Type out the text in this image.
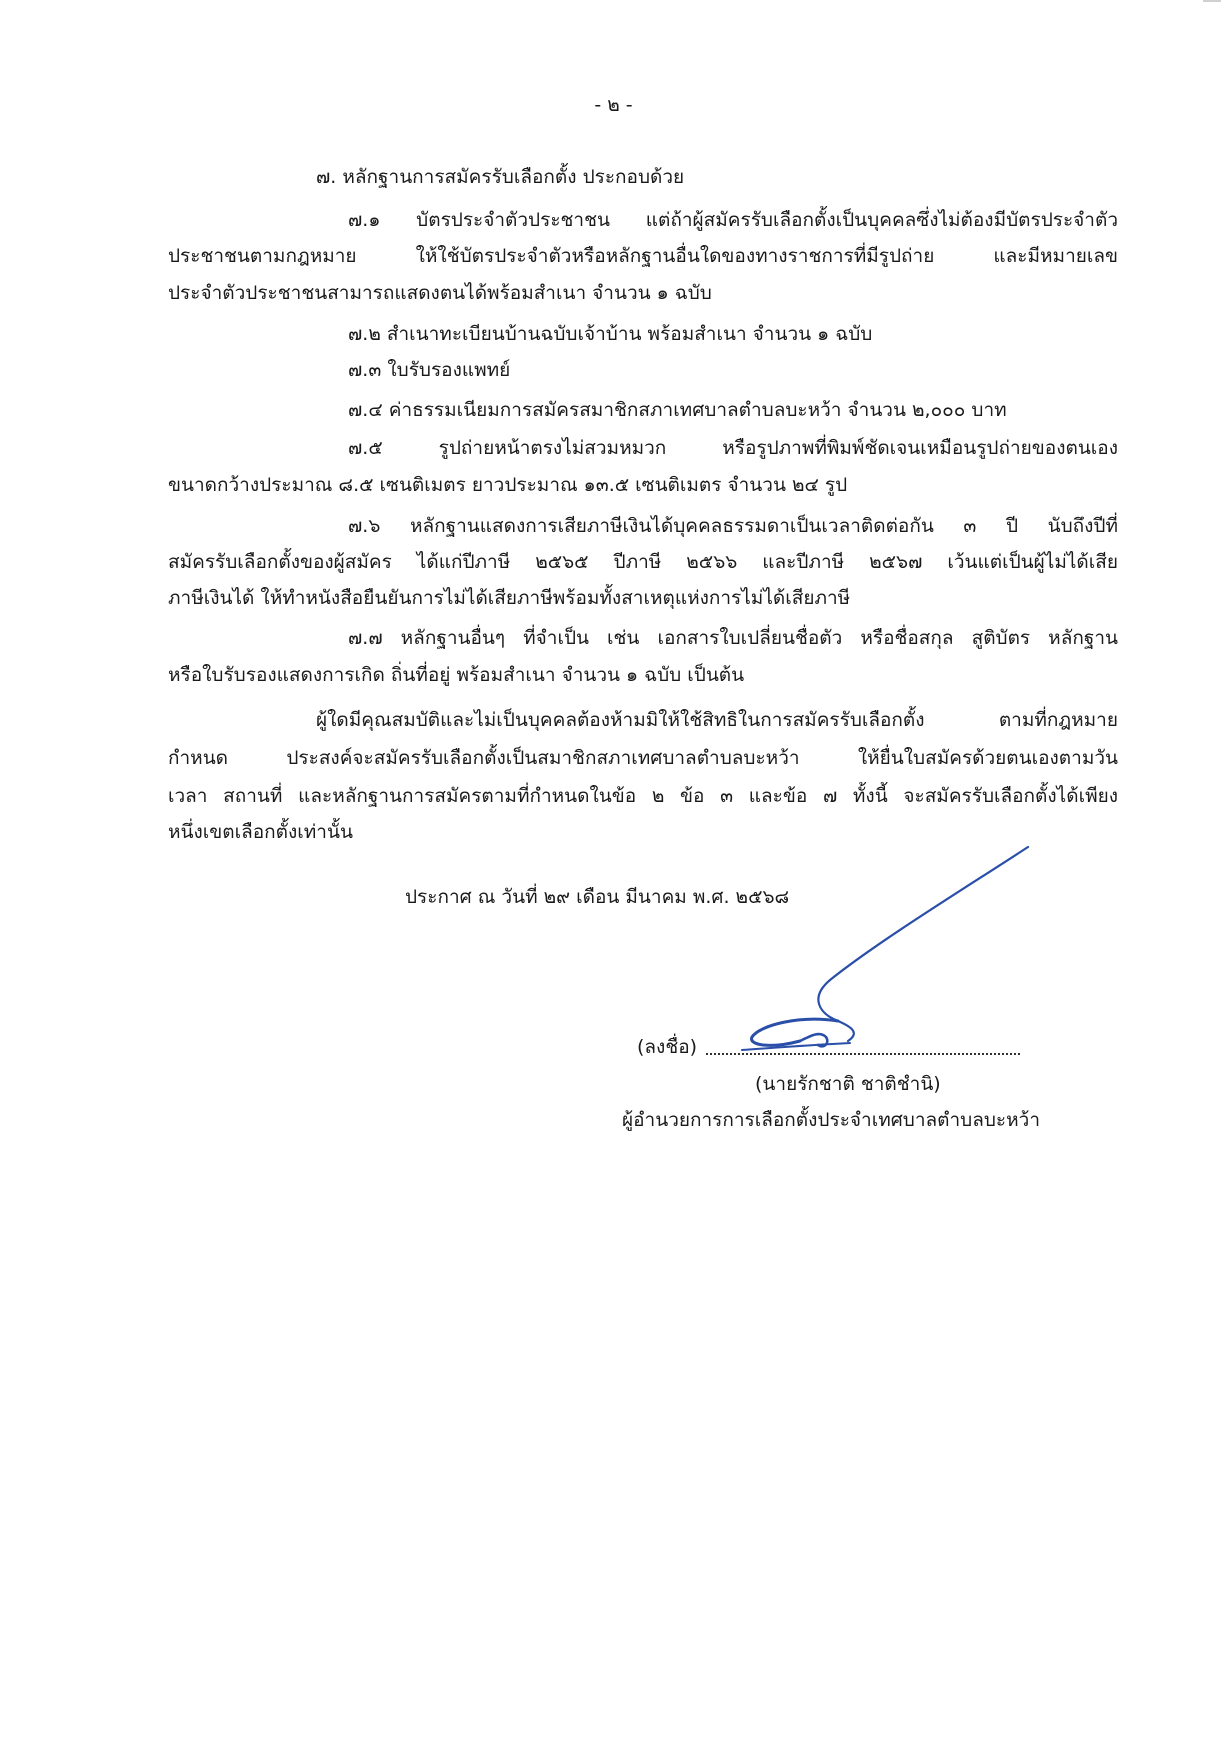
- ๒ -
๗. หลักฐานการสมัครรับเลือกตั้ง ประกอบด้วย
๗.๑ บัตรประจำตัวประชาชน แต่ถ้าผู้สมัครรับเลือกตั้งเป็นบุคคลซึ่งไม่ต้องมีบัตรประจำตัว
ประชาชนตามกฎหมาย ให้ใช้บัตรประจำตัวหรือหลักฐานอื่นใดของทางราชการที่มีรูปถ่าย และมีหมายเลข
ประจำตัวประชาชนสามารถแสดงตนได้พร้อมสำเนา จำนวน ๑ ฉบับ
๗.๒ สำเนาทะเบียนบ้านฉบับเจ้าบ้าน พร้อมสำเนา จำนวน ๑ ฉบับ
๗.๓ ใบรับรองแพทย์
๗.๔ ค่าธรรมเนียมการสมัครสมาชิกสภาเทศบาลตำบลบะหว้า จำนวน ๒,๐๐๐ บาท
๗.๕ รูปถ่ายหน้าตรงไม่สวมหมวก หรือรูปภาพที่พิมพ์ชัดเจนเหมือนรูปถ่ายของตนเอง
ขนาดกว้างประมาณ ๘.๕ เซนติเมตร ยาวประมาณ ๑๓.๕ เซนติเมตร จำนวน ๒๔ รูป
๗.๖ หลักฐานแสดงการเสียภาษีเงินได้บุคคลธรรมดาเป็นเวลาติดต่อกัน ๓ ปี นับถึงปีที่
สมัครรับเลือกตั้งของผู้สมัคร ได้แก่ปีภาษี ๒๕๖๕ ปีภาษี ๒๕๖๖ และปีภาษี ๒๕๖๗ เว้นแต่เป็นผู้ไม่ได้เสีย
ภาษีเงินได้ ให้ทำหนังสือยืนยันการไม่ได้เสียภาษีพร้อมทั้งสาเหตุแห่งการไม่ได้เสียภาษี
๗.๗ หลักฐานอื่นๆ ที่จำเป็น เช่น เอกสารใบเปลี่ยนชื่อตัว หรือชื่อสกุล สูติบัตร หลักฐาน
หรือใบรับรองแสดงการเกิด ถิ่นที่อยู่ พร้อมสำเนา จำนวน ๑ ฉบับ เป็นต้น
ผู้ใดมีคุณสมบัติและไม่เป็นบุคคลต้องห้ามมิให้ใช้สิทธิในการสมัครรับเลือกตั้ง ตามที่กฎหมาย
กำหนด ประสงค์จะสมัครรับเลือกตั้งเป็นสมาชิกสภาเทศบาลตำบลบะหว้า ให้ยื่นใบสมัครด้วยตนเองตามวัน
เวลา สถานที่ และหลักฐานการสมัครตามที่กำหนดในข้อ ๒ ข้อ ๓ และข้อ ๗ ทั้งนี้ จะสมัครรับเลือกตั้งได้เพียง
หนึ่งเขตเลือกตั้งเท่านั้น
ประกาศ ณ วันที่ ๒๙ เดือน มีนาคม พ.ศ. ๒๕๖๘
(ลงชื่อ)
(นายรักชาติ ชาติชำนิ)
ผู้อำนวยการการเลือกตั้งประจำเทศบาลตำบลบะหว้า
